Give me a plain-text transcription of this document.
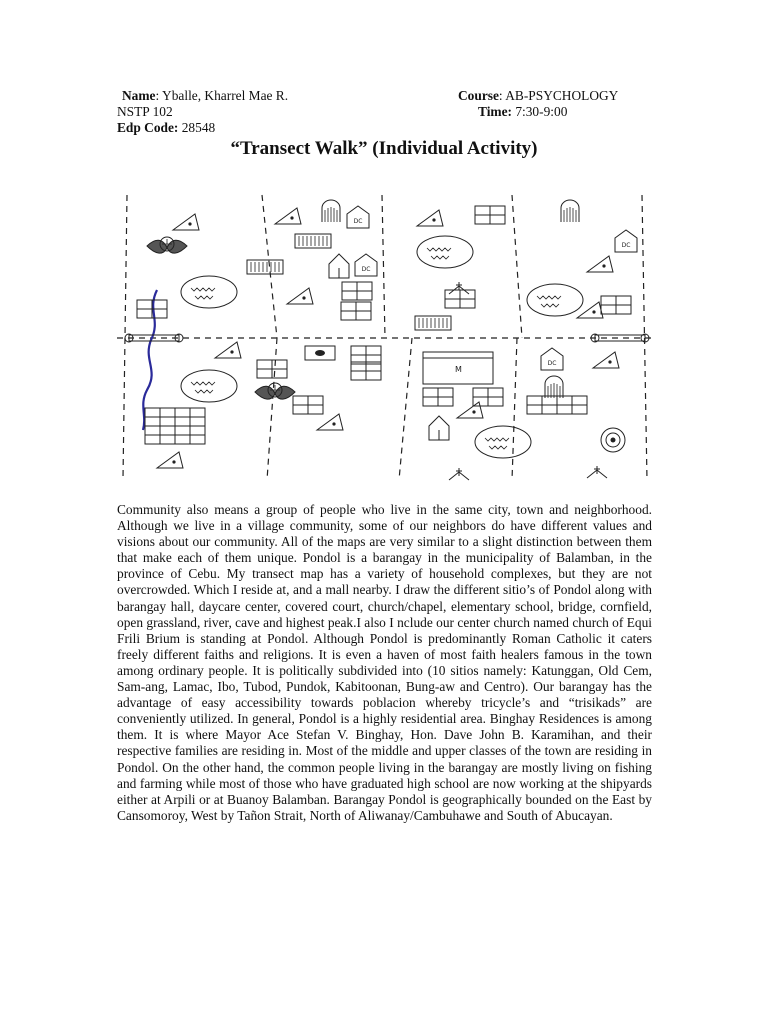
Name: Yballe, Kharrel Mae R.	Course: AB-PSYCHOLOGY
NSTP 102	Time: 7:30-9:00
Edp Code: 28548
“Transect Walk” (Individual Activity)
DC
M

Community also means a group of people who live in the same city, town and neighborhood. Although we live in a village community, some of our neighbors do have different values and visions about our community. All of the maps are very similar to a slight distinction between them that make each of them unique. Pondol is a barangay in the municipality of Balamban, in the province of Cebu. My transect map has a variety of household complexes, but they are not overcrowded. Which I reside at, and a mall nearby. I draw the different sitio’s of Pondol along with barangay hall, daycare center, covered court, church/chapel, elementary school, bridge, cornfield, open grassland, river, cave and highest peak.I also I nclude our center church named church of Equi Frili Brium is standing at Pondol. Although Pondol is predominantly Roman Catholic it caters freely different faiths and religions. It is even a haven of most faith healers famous in the town among ordinary people. It is politically subdivided into (10 sitios namely: Katunggan, Old Cem, Sam-ang, Lamac, Ibo, Tubod, Pundok, Kabitoonan, Bung-aw and Centro). Our barangay has the advantage of easy accessibility towards poblacion whereby tricycle’s and “trisikads” are conveniently utilized. In general, Pondol is a highly residential area. Binghay Residences is among them. It is where Mayor Ace Stefan V. Binghay, Hon. Dave John B. Karamihan, and their respective families are residing in. Most of the middle and upper classes of the town are residing in Pondol. On the other hand, the common people living in the barangay are mostly living on fishing and farming while most of those who have graduated high school are now working at the shipyards either at Arpili or at Buanoy Balamban. Barangay Pondol is geographically bounded on the East by Cansomoroy, West by Tañon Strait, North of Aliwanay/Cambuhawe and South of Abucayan.
